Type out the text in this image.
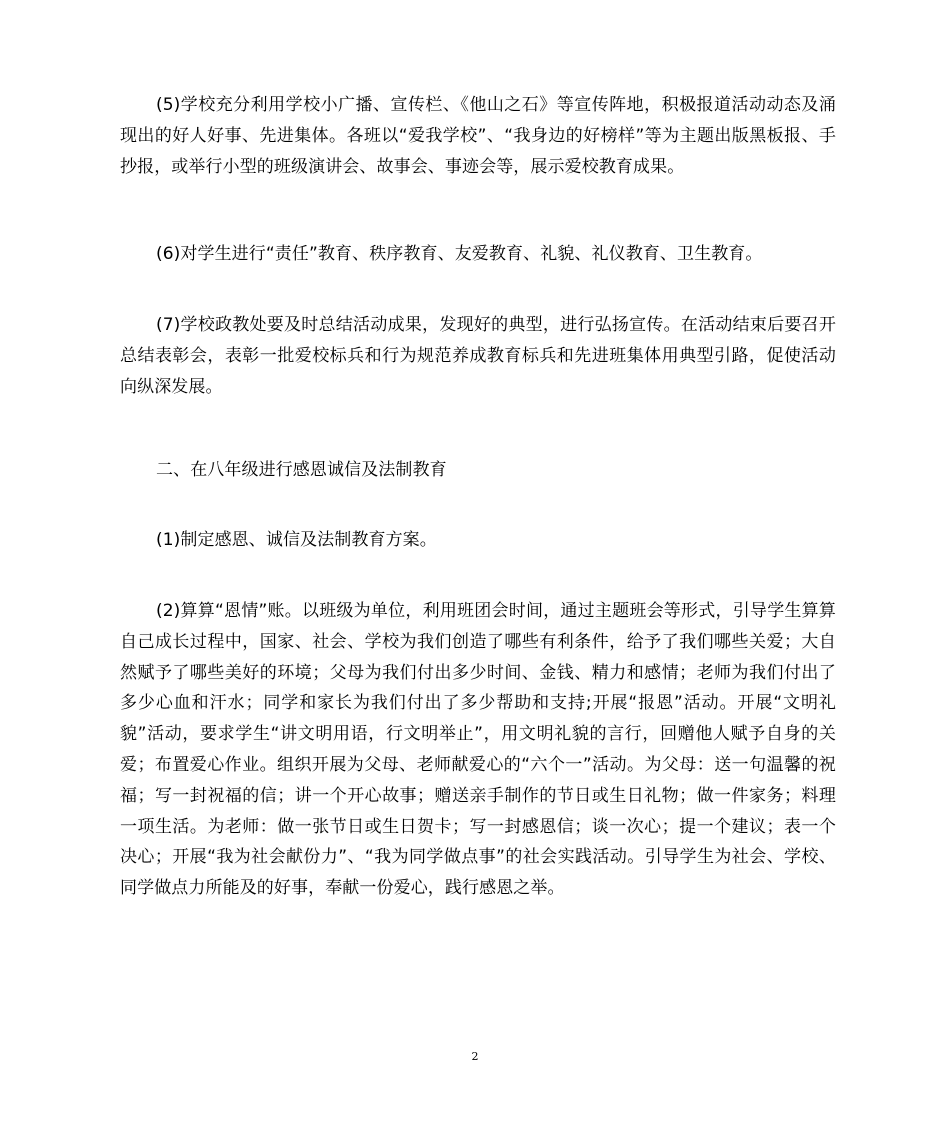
(5)学校充分利用学校小广播、宣传栏、《他山之石》等宣传阵地，积极报道活动动态及涌现出的好人好事、先进集体。各班以“爱我学校”、“我身边的好榜样”等为主题出版黑板报、手抄报，或举行小型的班级演讲会、故事会、事迹会等，展示爱校教育成果。

(6)对学生进行“责任”教育、秩序教育、友爱教育、礼貌、礼仪教育、卫生教育。

(7)学校政教处要及时总结活动成果，发现好的典型，进行弘扬宣传。在活动结束后要召开总结表彰会，表彰一批爱校标兵和行为规范养成教育标兵和先进班集体用典型引路，促使活动向纵深发展。

二、在八年级进行感恩诚信及法制教育

(1)制定感恩、诚信及法制教育方案。

(2)算算“恩情”账。以班级为单位，利用班团会时间，通过主题班会等形式，引导学生算算自己成长过程中，国家、社会、学校为我们创造了哪些有利条件，给予了我们哪些关爱；大自然赋予了哪些美好的环境；父母为我们付出多少时间、金钱、精力和感情；老师为我们付出了多少心血和汗水；同学和家长为我们付出了多少帮助和支持;开展“报恩”活动。开展“文明礼貌”活动，要求学生“讲文明用语，行文明举止”，用文明礼貌的言行，回赠他人赋予自身的关爱；布置爱心作业。组织开展为父母、老师献爱心的“六个一”活动。为父母：送一句温馨的祝福；写一封祝福的信；讲一个开心故事；赠送亲手制作的节日或生日礼物；做一件家务；料理一项生活。为老师：做一张节日或生日贺卡；写一封感恩信；谈一次心；提一个建议；表一个决心；开展“我为社会献份力”、“我为同学做点事”的社会实践活动。引导学生为社会、学校、同学做点力所能及的好事，奉献一份爱心，践行感恩之举。

2
